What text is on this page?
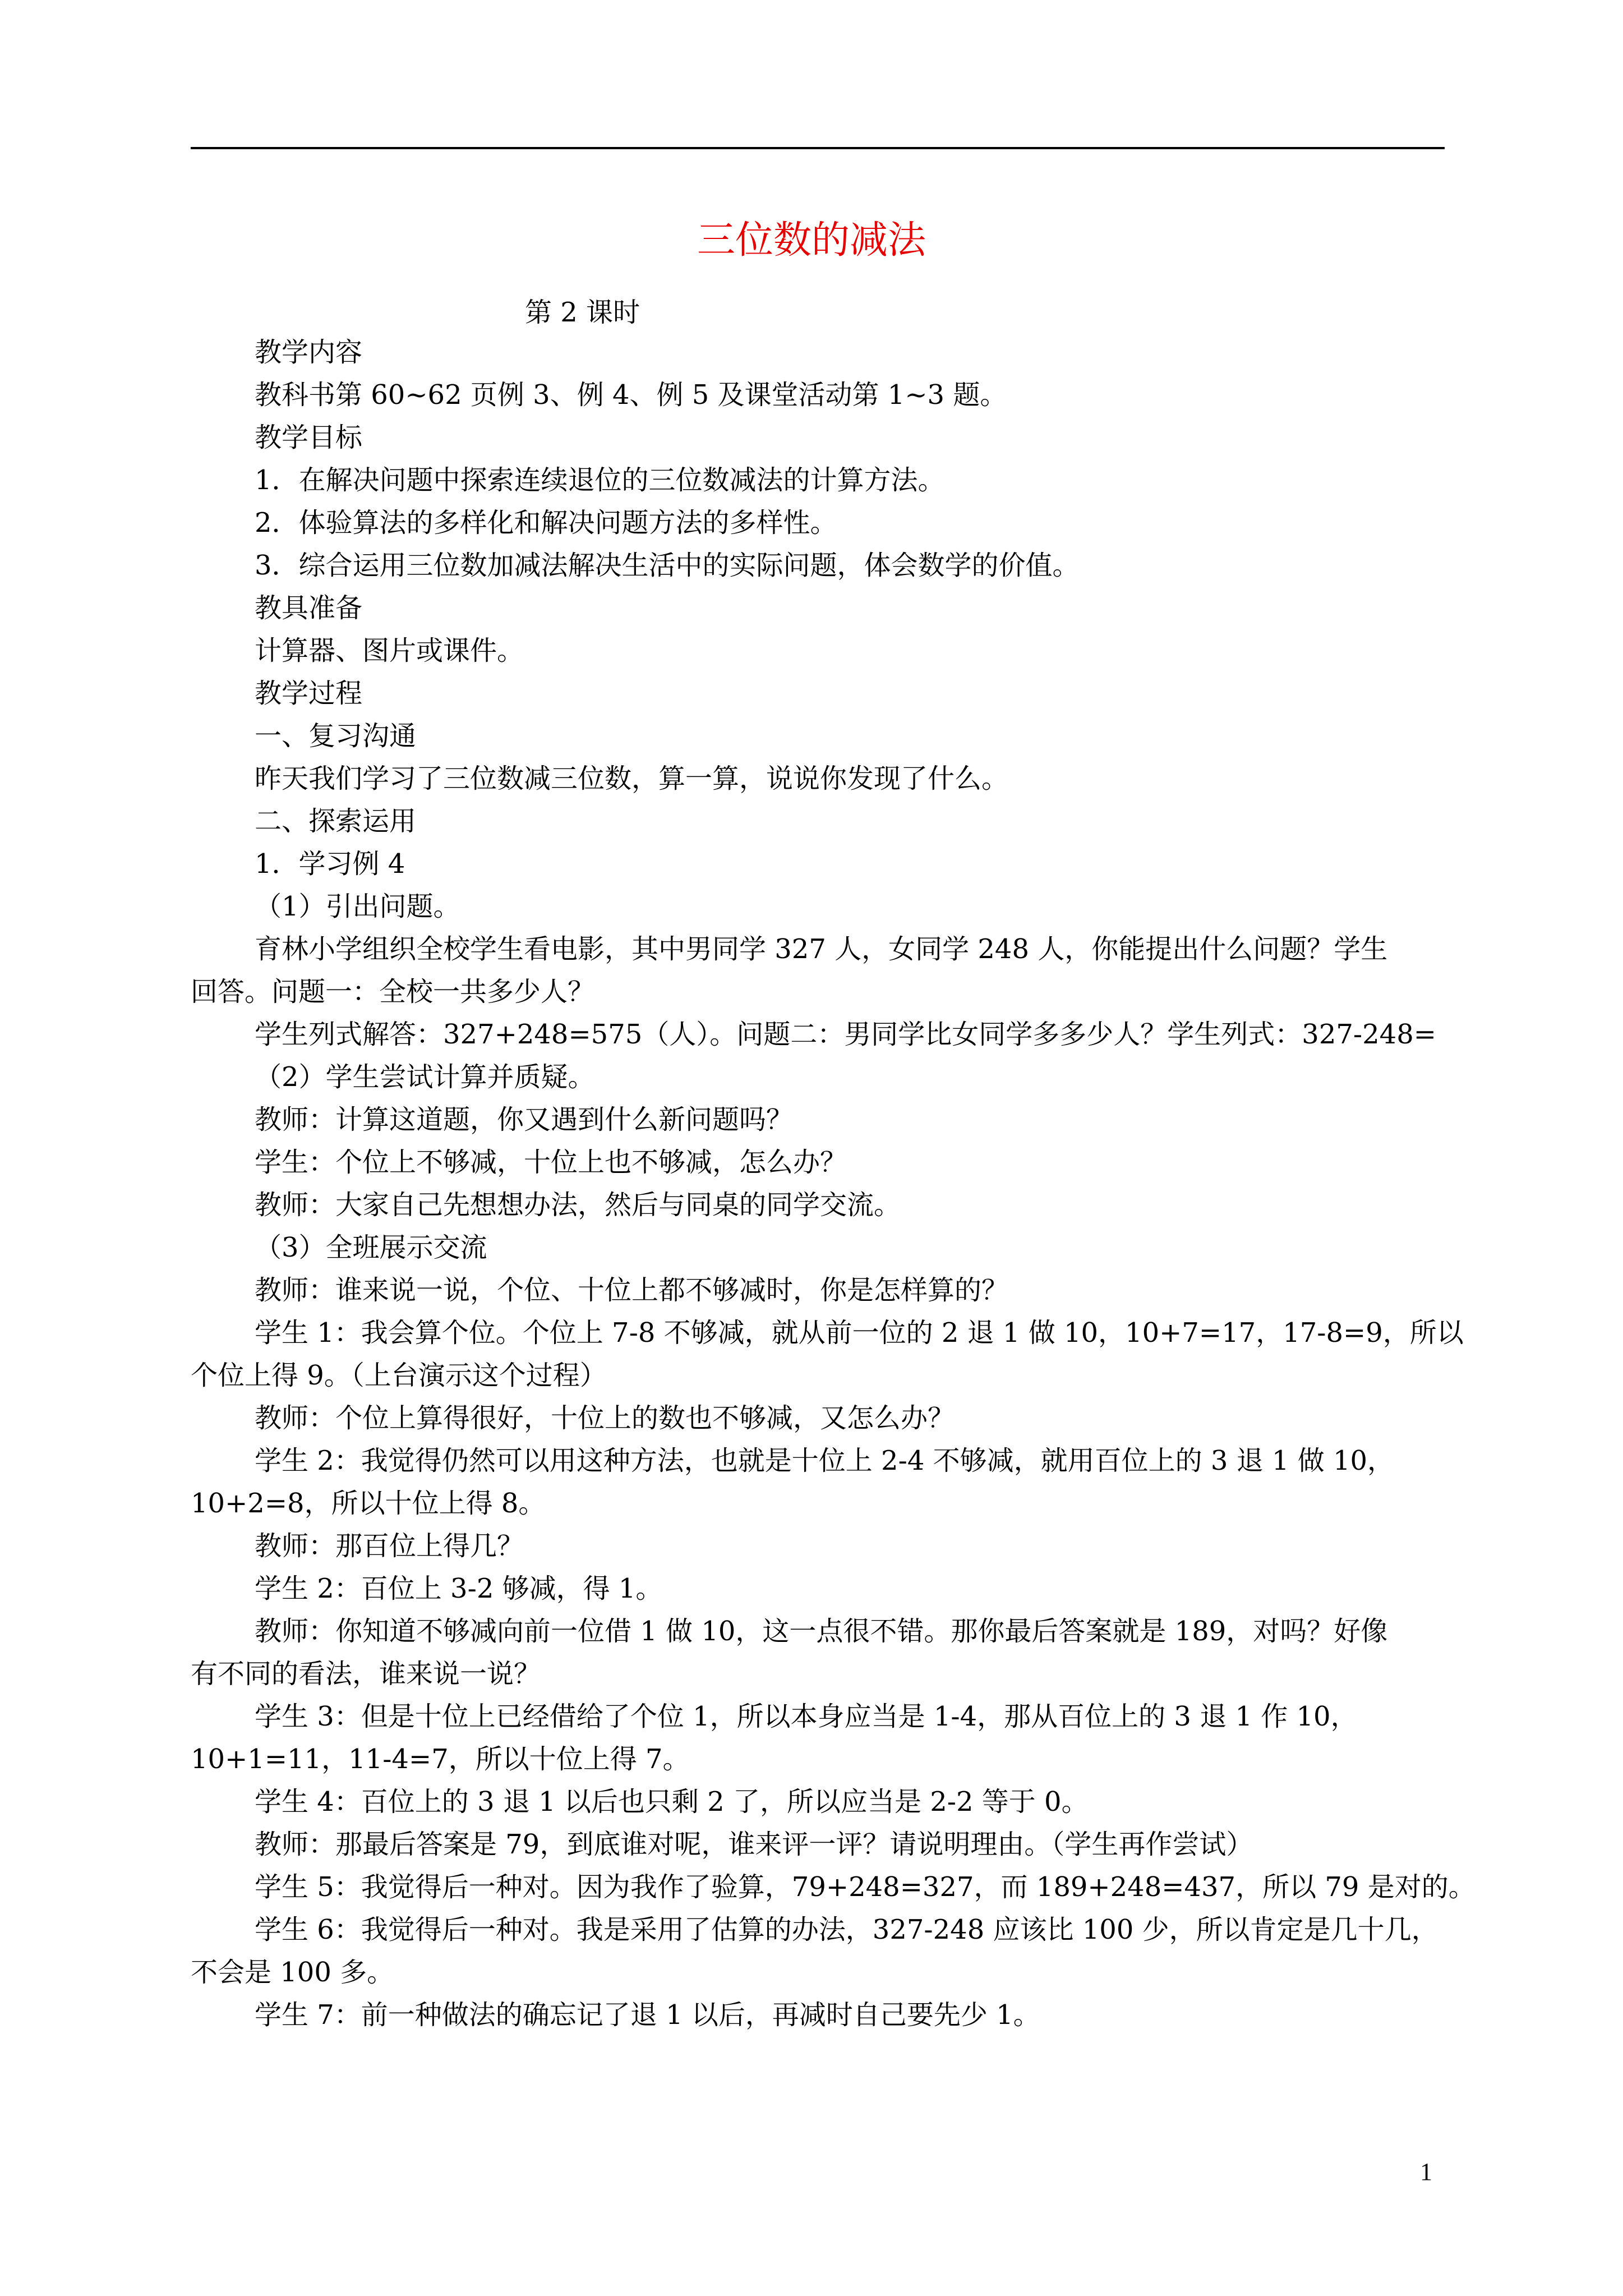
三位数的减法
第 2 课时
教学内容
教科书第 60~62 页例 3、例 4、例 5 及课堂活动第 1~3 题。
教学目标
1．在解决问题中探索连续退位的三位数减法的计算方法。
2．体验算法的多样化和解决问题方法的多样性。
3．综合运用三位数加减法解决生活中的实际问题，体会数学的价值。
教具准备
计算器、图片或课件。
教学过程
一、复习沟通
昨天我们学习了三位数减三位数，算一算，说说你发现了什么。
二、探索运用
1．学习例 4
（1）引出问题。
育林小学组织全校学生看电影，其中男同学 327 人，女同学 248 人，你能提出什么问题？学生
回答。问题一：全校一共多少人？
学生列式解答：327+248=575（人）。问题二：男同学比女同学多多少人？学生列式：327-248=
（2）学生尝试计算并质疑。
教师：计算这道题，你又遇到什么新问题吗？
学生：个位上不够减，十位上也不够减，怎么办？
教师：大家自己先想想办法，然后与同桌的同学交流。
（3）全班展示交流
教师：谁来说一说，个位、十位上都不够减时，你是怎样算的？
学生 1：我会算个位。个位上 7-8 不够减，就从前一位的 2 退 1 做 10，10+7=17，17-8=9，所以
个位上得 9。（上台演示这个过程）
教师：个位上算得很好，十位上的数也不够减，又怎么办？
学生 2：我觉得仍然可以用这种方法，也就是十位上 2-4 不够减，就用百位上的 3 退 1 做 10，
10+2=8，所以十位上得 8。
教师：那百位上得几？
学生 2：百位上 3-2 够减，得 1。
教师：你知道不够减向前一位借 1 做 10，这一点很不错。那你最后答案就是 189，对吗？好像
有不同的看法，谁来说一说？
学生 3：但是十位上已经借给了个位 1，所以本身应当是 1-4，那从百位上的 3 退 1 作 10，
10+1=11，11-4=7，所以十位上得 7。
学生 4：百位上的 3 退 1 以后也只剩 2 了，所以应当是 2-2 等于 0。
教师：那最后答案是 79，到底谁对呢，谁来评一评？请说明理由。（学生再作尝试）
学生 5：我觉得后一种对。因为我作了验算，79+248=327，而 189+248=437，所以 79 是对的。
学生 6：我觉得后一种对。我是采用了估算的办法，327-248 应该比 100 少，所以肯定是几十几，
不会是 100 多。
学生 7：前一种做法的确忘记了退 1 以后，再减时自己要先少 1。
1
